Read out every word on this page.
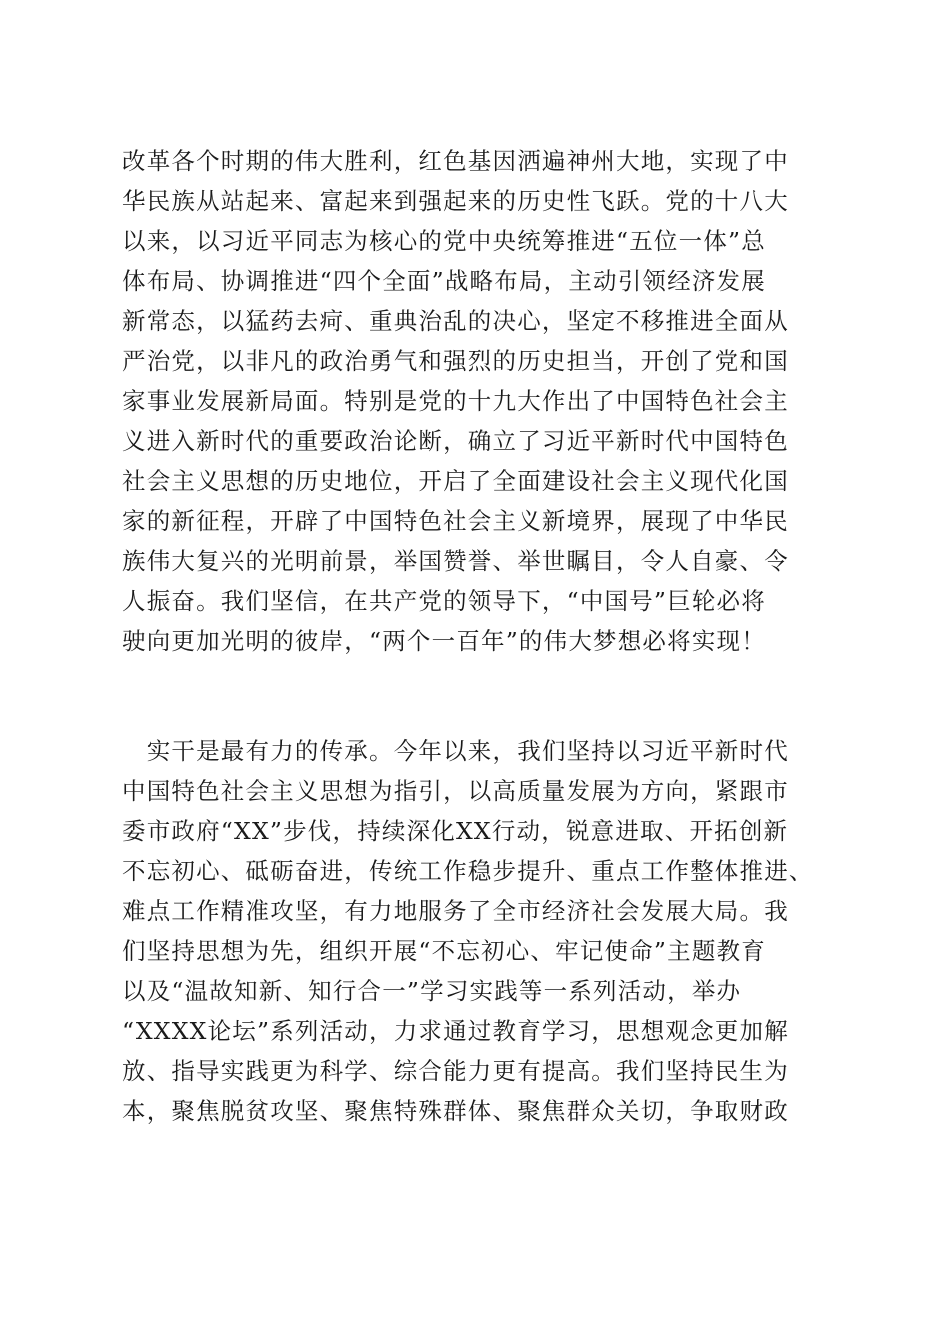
改革各个时期的伟大胜利，红色基因洒遍神州大地，实现了中
华民族从站起来、富起来到强起来的历史性飞跃。党的十八大
以来，以习近平同志为核心的党中央统筹推进“五位一体”总
体布局、协调推进“四个全面”战略布局，主动引领经济发展
新常态，以猛药去疴、重典治乱的决心，坚定不移推进全面从
严治党，以非凡的政治勇气和强烈的历史担当，开创了党和国
家事业发展新局面。特别是党的十九大作出了中国特色社会主
义进入新时代的重要政治论断，确立了习近平新时代中国特色
社会主义思想的历史地位，开启了全面建设社会主义现代化国
家的新征程，开辟了中国特色社会主义新境界，展现了中华民
族伟大复兴的光明前景，举国赞誉、举世瞩目，令人自豪、令
人振奋。我们坚信，在共产党的领导下，“中国号”巨轮必将
驶向更加光明的彼岸，“两个一百年”的伟大梦想必将实现！
　实干是最有力的传承。今年以来，我们坚持以习近平新时代
中国特色社会主义思想为指引，以高质量发展为方向，紧跟市
委市政府“XX”步伐，持续深化XX行动，锐意进取、开拓创新
不忘初心、砥砺奋进，传统工作稳步提升、重点工作整体推进、
难点工作精准攻坚，有力地服务了全市经济社会发展大局。我
们坚持思想为先，组织开展“不忘初心、牢记使命”主题教育
以及“温故知新、知行合一”学习实践等一系列活动，举办
“XXXX论坛”系列活动，力求通过教育学习，思想观念更加解
放、指导实践更为科学、综合能力更有提高。我们坚持民生为
本，聚焦脱贫攻坚、聚焦特殊群体、聚焦群众关切，争取财政
